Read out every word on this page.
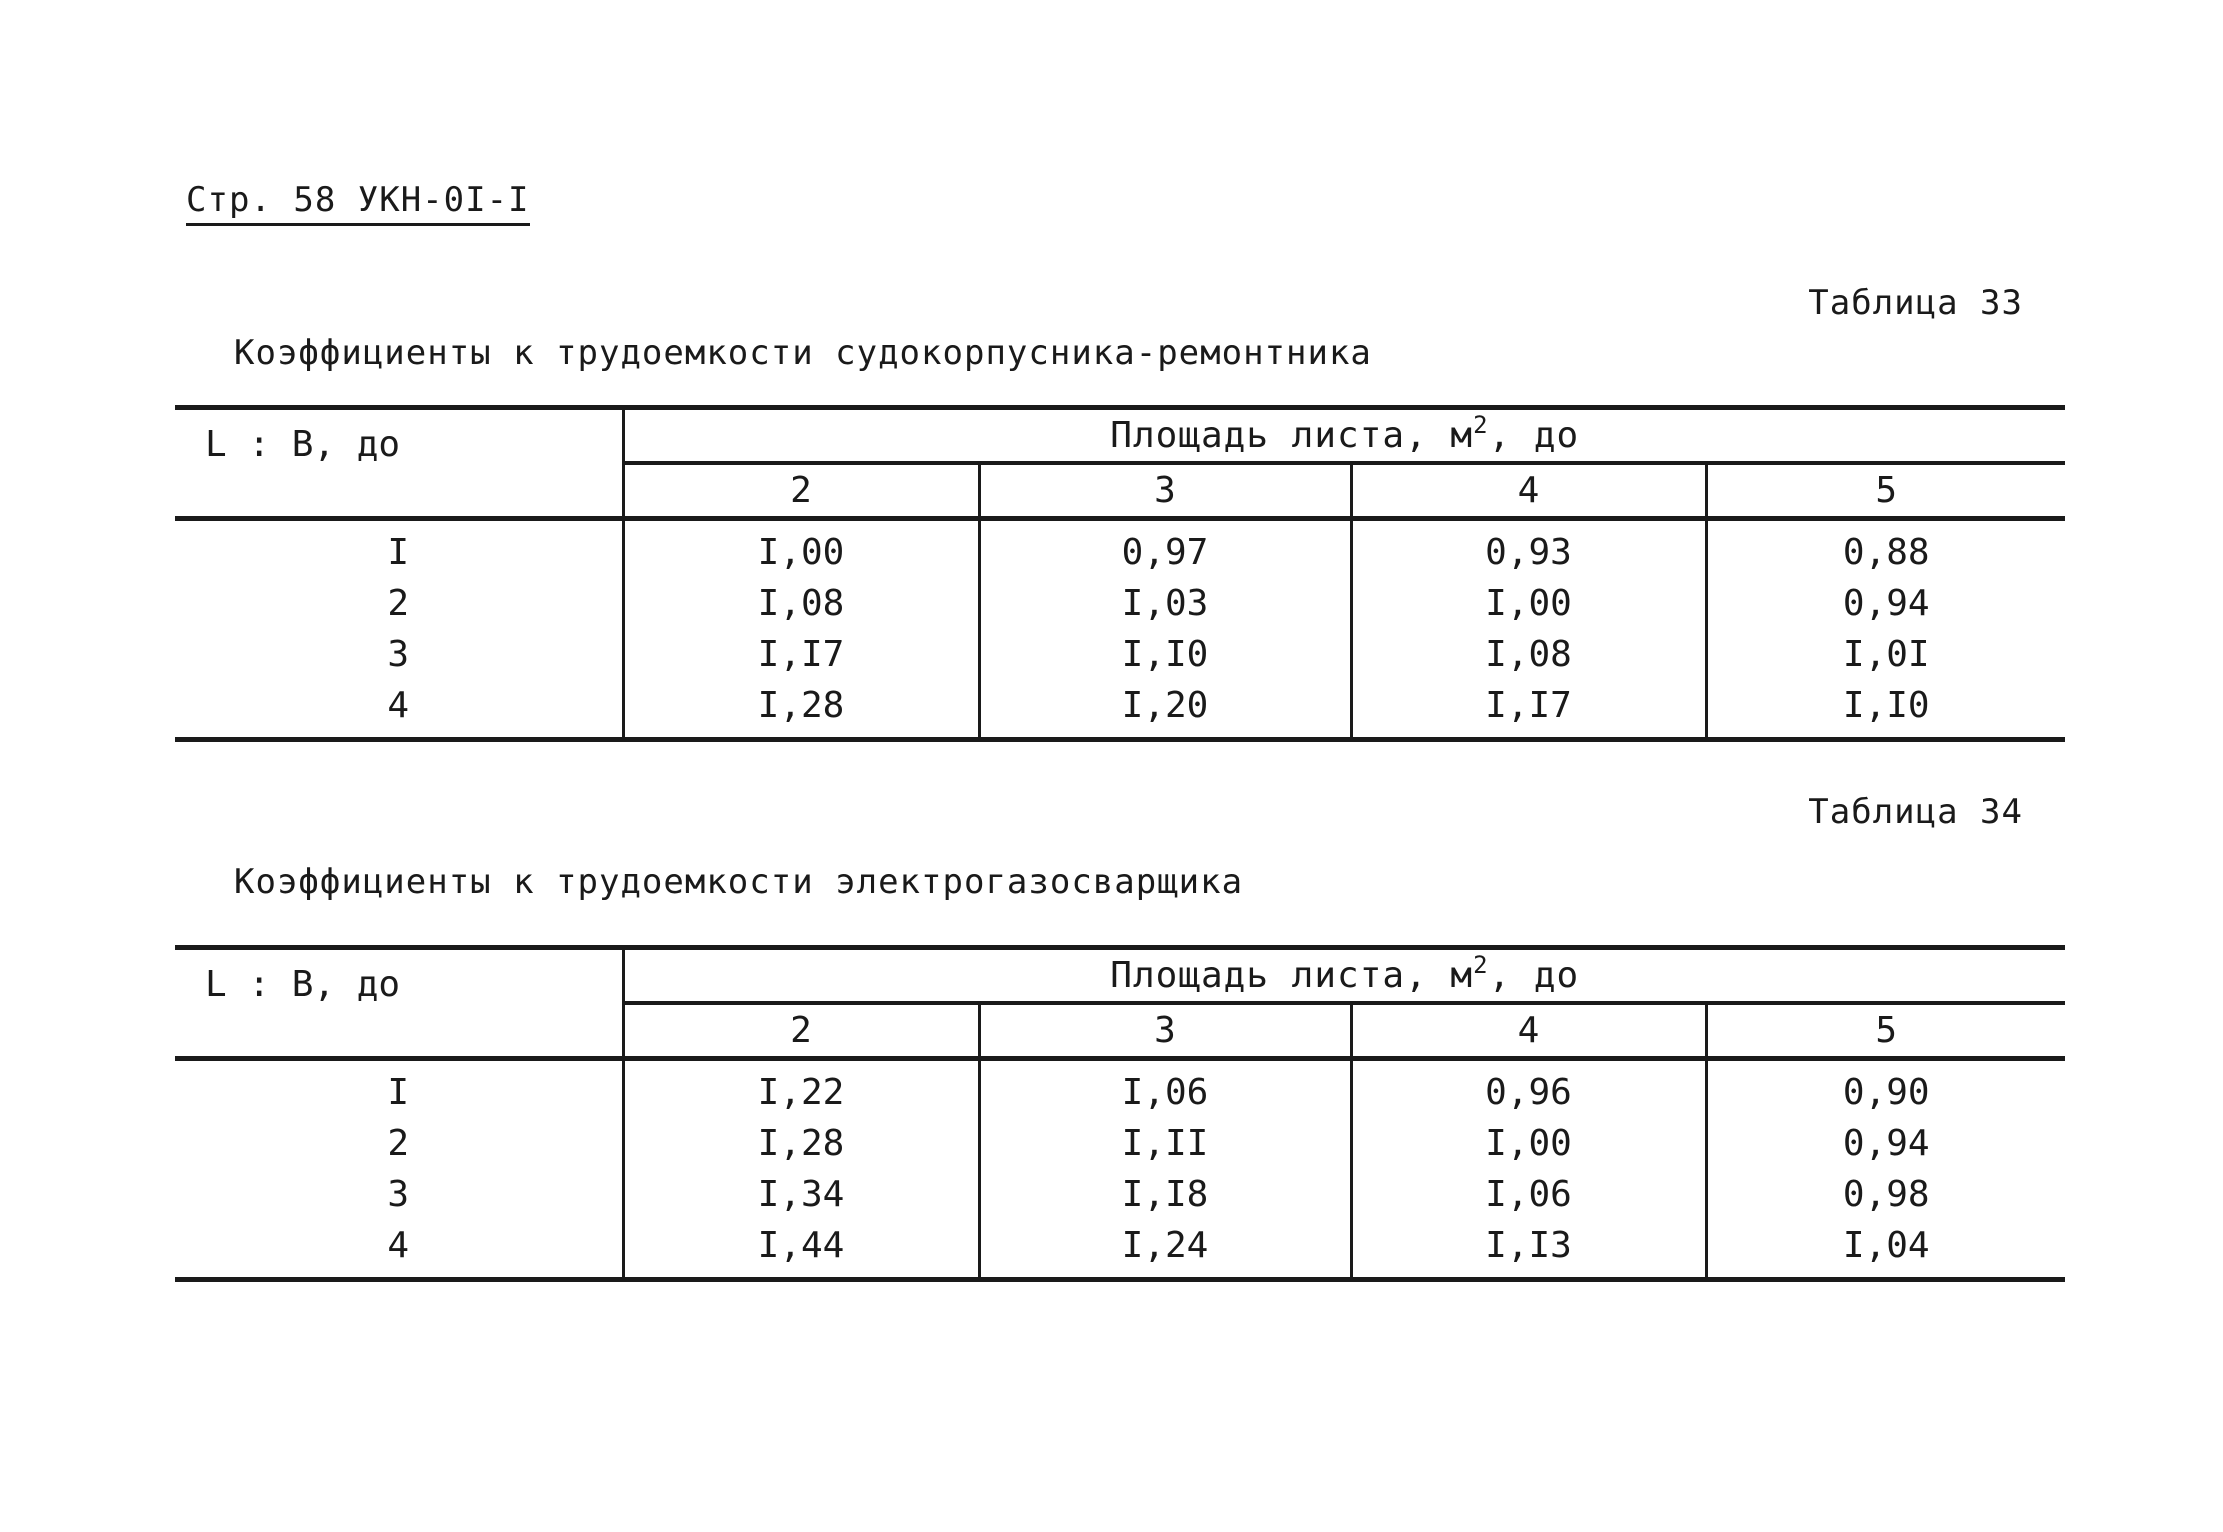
Стр. 58 УКН-0I-I
Таблица 33
Коэффициенты к трудоемкости судокорпусника-ремонтника
L : B, до	Площадь листа, $м^2$, до			
	2	3	4	5
I	I,00	0,97	0,93	0,88
2	I,08	I,03	I,00	0,94
3	I,I7	I,I0	I,08	I,0I
4	I,28	I,20	I,I7	I,I0
Таблица 34
Коэффициенты к трудоемкости электрогазосварщика
L : B, до	Площадь листа, $м^2$, до			
	2	3	4	5
I	I,22	I,06	0,96	0,90
2	I,28	I,II	I,00	0,94
3	I,34	I,I8	I,06	0,98
4	I,44	I,24	I,I3	I,04
